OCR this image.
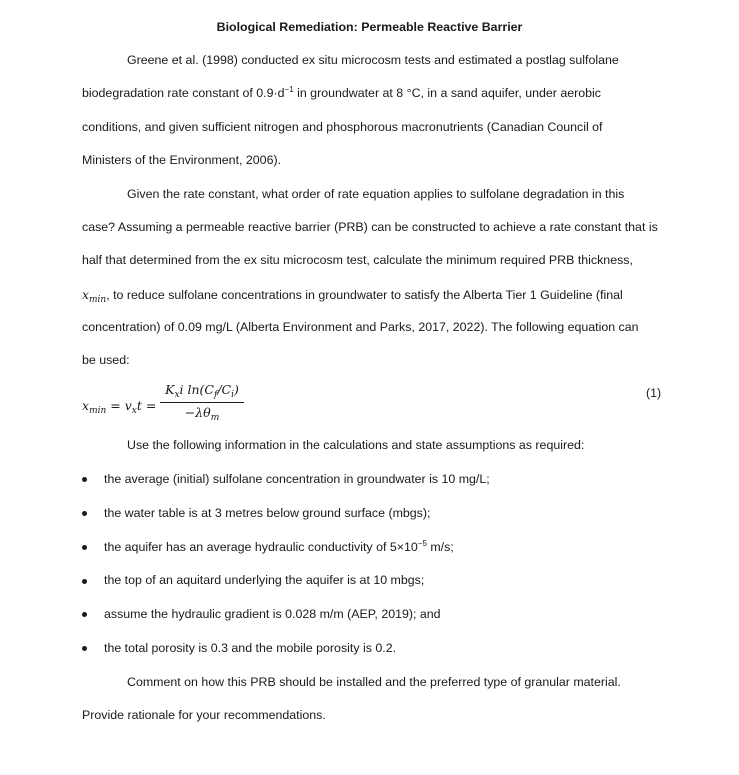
Biological Remediation: Permeable Reactive Barrier
Greene et al. (1998) conducted ex situ microcosm tests and estimated a postlag sulfolane
biodegradation rate constant of $0.9\cdot d^{-1}$ in groundwater at 8 °C, in a sand aquifer, under aerobic
conditions, and given sufficient nitrogen and phosphorous macronutrients (Canadian Council of
Ministers of the Environment, 2006).
Given the rate constant, what order of rate equation applies to sulfolane degradation in this
case? Assuming a permeable reactive barrier (PRB) can be constructed to achieve a rate constant that is
half that determined from the ex situ microcosm test, calculate the minimum required PRB thickness,
$x_{min}$, to reduce sulfolane concentrations in groundwater to satisfy the Alberta Tier 1 Guideline (final
concentration) of 0.09 mg/L (Alberta Environment and Parks, 2017, 2022). The following equation can
be used:
$x_{min} = v_xt$ =
$K_xi$ $\ln(C_f/C_i)$
$-\lambda\theta_m$
(1)
Use the following information in the calculations and state assumptions as required:
the average (initial) sulfolane concentration in groundwater is 10 mg/L;
the water table is at 3 metres below ground surface (mbgs);
the aquifer has an average hydraulic conductivity of $5\times 10^{-5}$ m/s;
the top of an aquitard underlying the aquifer is at 10 mbgs;
assume the hydraulic gradient is 0.028 m/m (AEP, 2019); and
the total porosity is 0.3 and the mobile porosity is 0.2.
Comment on how this PRB should be installed and the preferred type of granular material.
Provide rationale for your recommendations.
